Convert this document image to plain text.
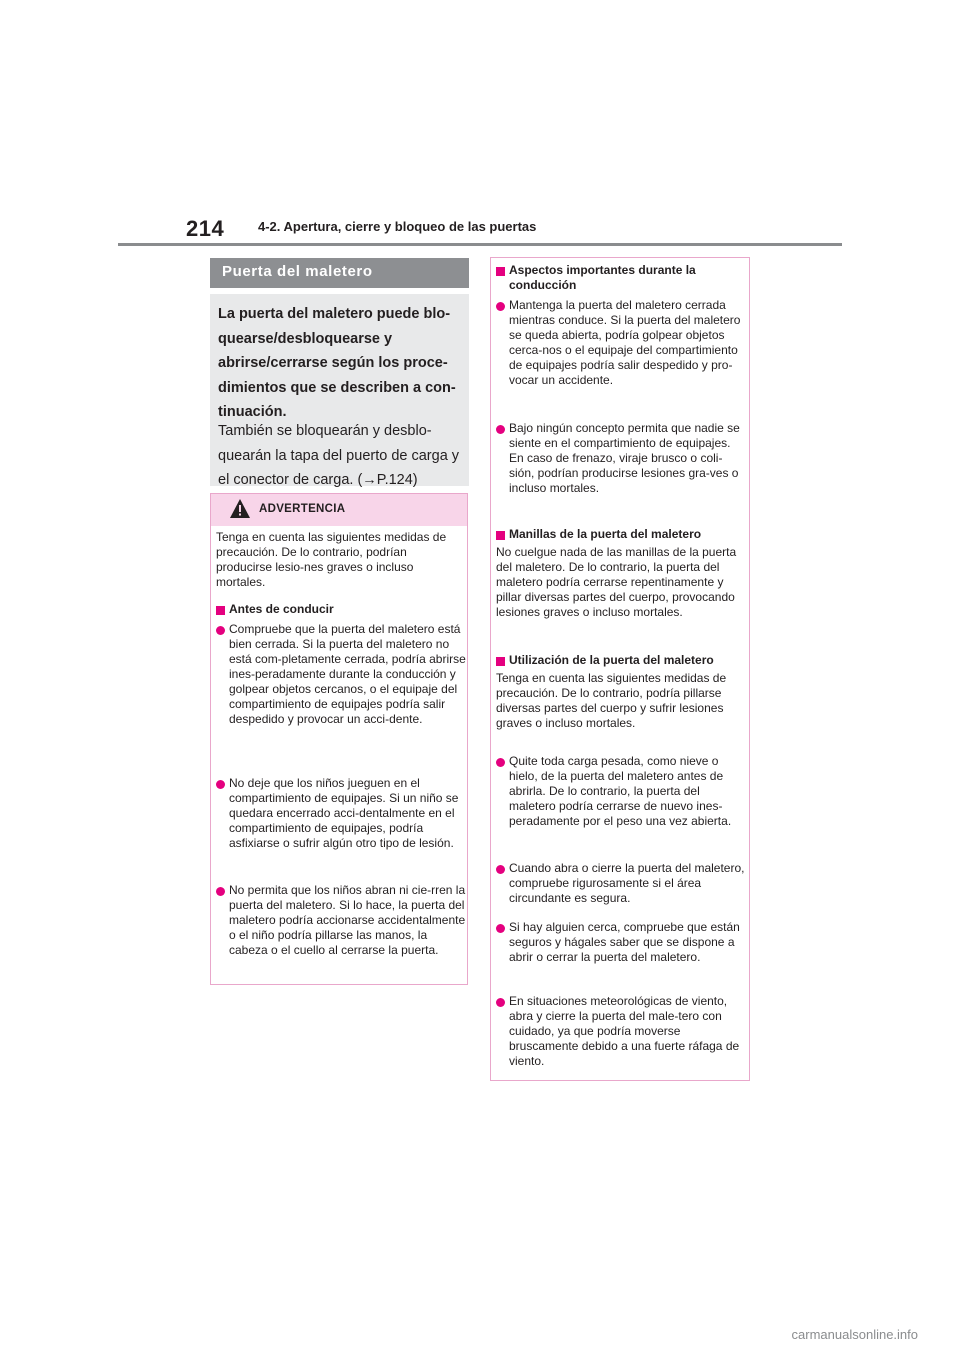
214	4-2. Apertura, cierre y bloqueo de las puertas
Puerta del maletero
La puerta del maletero puede blo-quearse/desbloquearse y abrirse/cerrarse según los proce-dimientos que se describen a con-tinuación.
También se bloquearán y desblo-quearán la tapa del puerto de carga y el conector de carga. (→P.124)
ADVERTENCIA
Tenga en cuenta las siguientes medidas de precaución. De lo contrario, podrían producirse lesio-nes graves o incluso mortales.
Antes de conducir
Compruebe que la puerta del maletero está bien cerrada. Si la puerta del maletero no está com-pletamente cerrada, podría abrirse ines-peradamente durante la conducción y golpear objetos cercanos, o el equipaje del compartimiento de equipajes podría salir despedido y provocar un acci-dente.
No deje que los niños jueguen en el compartimiento de equipajes. Si un niño se quedara encerrado acci-dentalmente en el compartimiento de equipajes, podría asfixiarse o sufrir algún otro tipo de lesión.
No permita que los niños abran ni cie-rren la puerta del maletero. Si lo hace, la puerta del maletero podría accionarse accidentalmente o el niño podría pillarse las manos, la cabeza o el cuello al cerrarse la puerta.
Aspectos importantes durante la conducción
Mantenga la puerta del maletero cerrada mientras conduce. Si la puerta del maletero se queda abierta, podría golpear objetos cerca-nos o el equipaje del compartimiento de equipajes podría salir despedido y pro-vocar un accidente.
Bajo ningún concepto permita que nadie se siente en el compartimiento de equipajes. En caso de frenazo, viraje brusco o coli-sión, podrían producirse lesiones gra-ves o incluso mortales.
Manillas de la puerta del maletero
No cuelgue nada de las manillas de la puerta del maletero. De lo contrario, la puerta del maletero podría cerrarse repentinamente y pillar diversas partes del cuerpo, provocando lesiones graves o incluso mortales.
Utilización de la puerta del maletero
Tenga en cuenta las siguientes medidas de precaución. De lo contrario, podría pillarse diversas partes del cuerpo y sufrir lesiones graves o incluso mortales.
Quite toda carga pesada, como nieve o hielo, de la puerta del maletero antes de abrirla. De lo contrario, la puerta del maletero podría cerrarse de nuevo ines-peradamente por el peso una vez abierta.
Cuando abra o cierre la puerta del maletero, compruebe rigurosamente si el área circundante es segura.
Si hay alguien cerca, compruebe que están seguros y hágales saber que se dispone a abrir o cerrar la puerta del maletero.
En situaciones meteorológicas de viento, abra y cierre la puerta del male-tero con cuidado, ya que podría moverse bruscamente debido a una fuerte ráfaga de viento.
carmanualsonline.info
